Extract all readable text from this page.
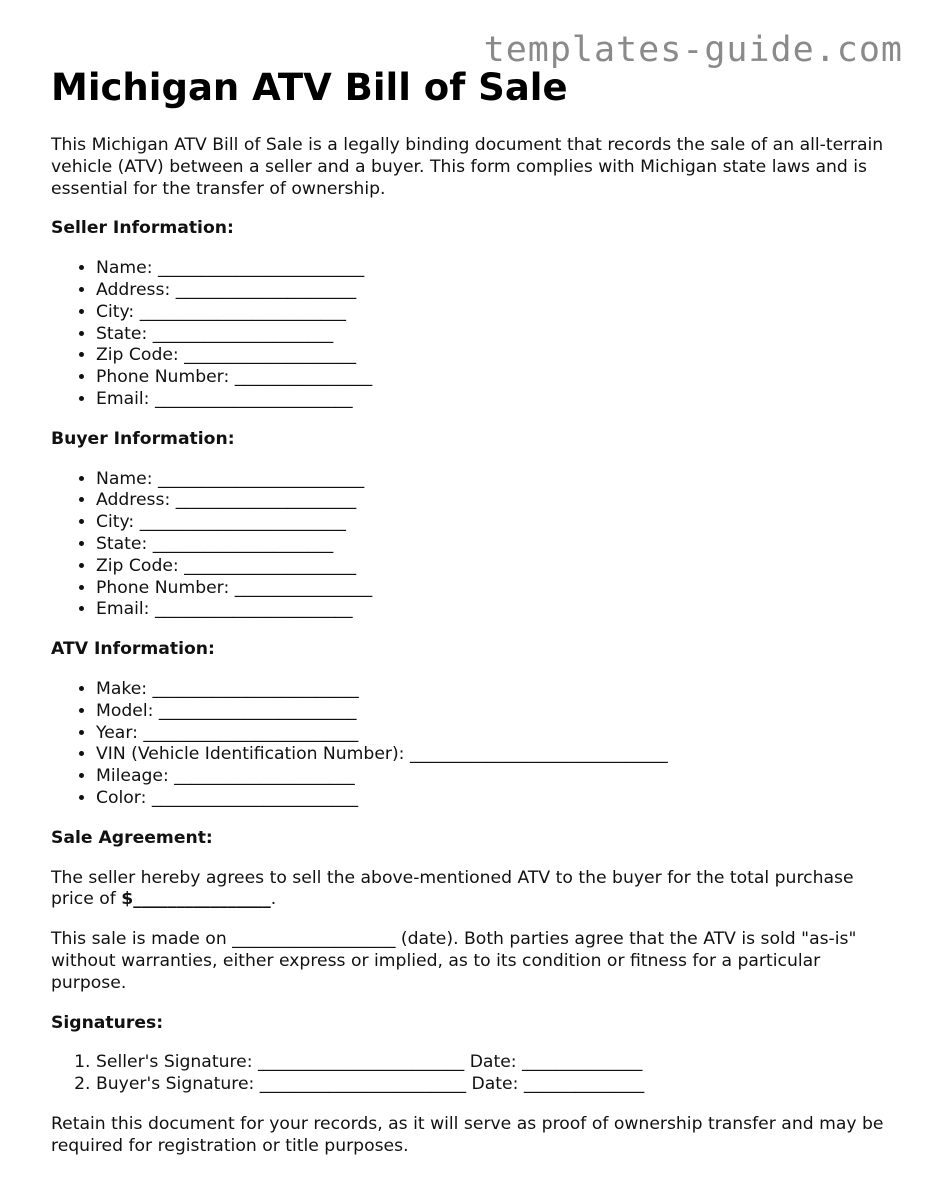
templates-guide.com
Michigan ATV Bill of Sale

This Michigan ATV Bill of Sale is a legally binding document that records the sale of an all-terrain vehicle (ATV) between a seller and a buyer. This form complies with Michigan state laws and is essential for the transfer of ownership.

Seller Information:

• Name: ________________________
• Address: _____________________
• City: ________________________
• State: _____________________
• Zip Code: ____________________
• Phone Number: ________________
• Email: _______________________

Buyer Information:

• Name: ________________________
• Address: _____________________
• City: ________________________
• State: _____________________
• Zip Code: ____________________
• Phone Number: ________________
• Email: _______________________

ATV Information:

• Make: ________________________
• Model: _______________________
• Year: _________________________
• VIN (Vehicle Identification Number): ______________________________
• Mileage: _____________________
• Color: ________________________

Sale Agreement:

The seller hereby agrees to sell the above-mentioned ATV to the buyer for the total purchase price of $________________.

This sale is made on ___________________ (date). Both parties agree that the ATV is sold "as-is" without warranties, either express or implied, as to its condition or fitness for a particular purpose.

Signatures:

1. Seller's Signature: ________________________ Date: ______________
2. Buyer's Signature: ________________________ Date: ______________

Retain this document for your records, as it will serve as proof of ownership transfer and may be required for registration or title purposes.
